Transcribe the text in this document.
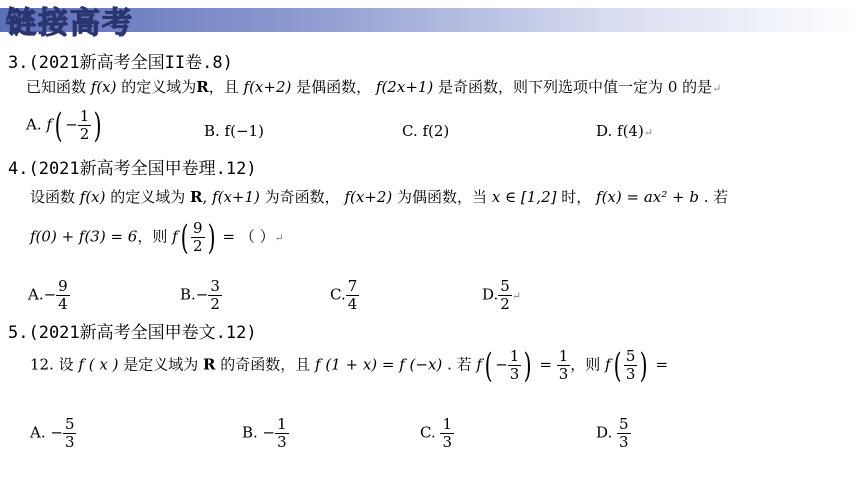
链接高考
3.(2021新高考全国II卷.8)
已知函数 f(x) 的定义域为R，且 f(x+2) 是偶函数， f(2x+1) 是奇函数，则下列选项中值一定为 0 的是↵
A. $f( - \frac{1}{2}$ )	B. f(−1)	C. f(2)	D. f(4)↵
4.(2021新高考全国甲卷理.12)
设函数 f(x) 的定义域为 R, f(x+1) 为奇函数， f(x+2) 为偶函数，当 x ∈ [1,2] 时， f(x) = ax² + b . 若
f(0) + f(3) = 6，则 $f( \frac{9}{2}$ ) = （ ）↵
$A.- \frac{9}{4}$	$B.- \frac{3}{2}$	C. $\frac{7}{4}$	D. $\frac{5}{2}$ ↵
5.(2021新高考全国甲卷文.12)
12. 设 f ( x ) 是定义域为 R 的奇函数，且 f (1 + x) = f (−x) . 若 $f( - \frac{1}{3}$ ) = $\frac{1}{3}$ ，则 $f( \frac{5}{3}$ ) =
A. − $\frac{5}{3}$	B. − $\frac{1}{3}$	C. $\frac{1}{3}$	D. $\frac{5}{3}$
